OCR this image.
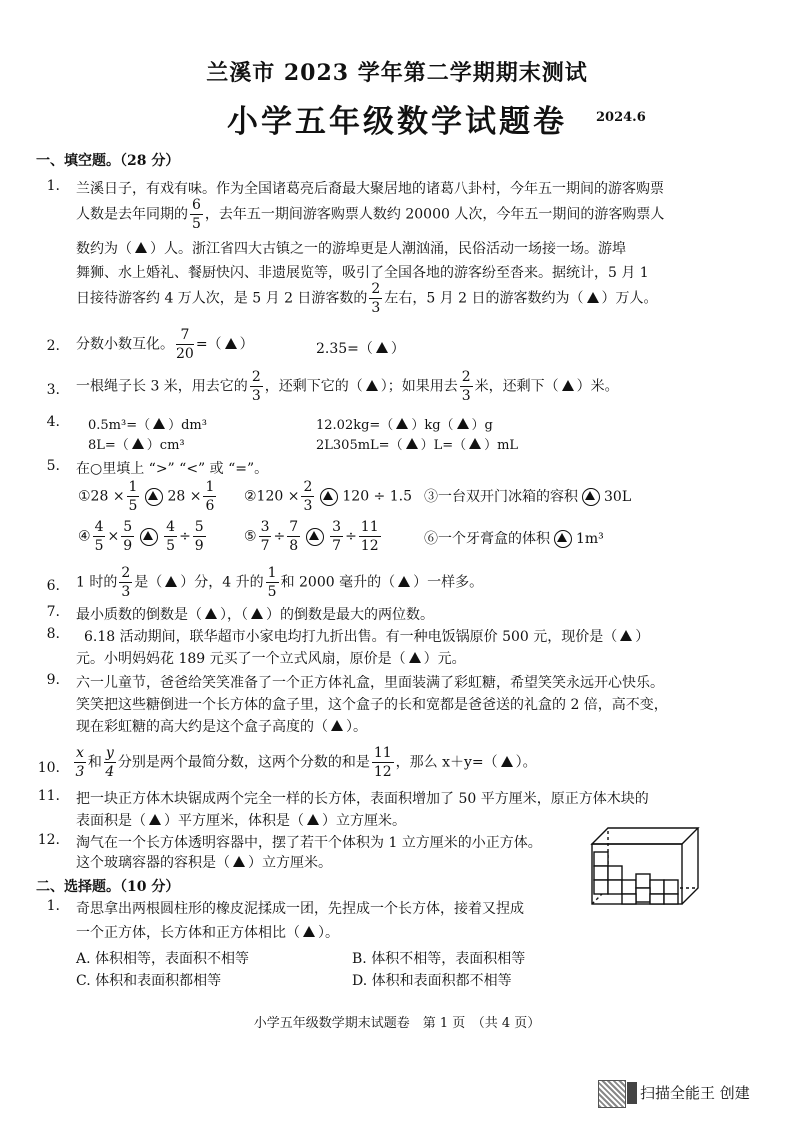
兰溪市 2023 学年第二学期期末测试
小学五年级数学试题卷	2024.6
一、填空题。（28 分）
1. 兰溪日子，有戏有味。作为全国诸葛亮后裔最大聚居地的诸葛八卦村，今年五一期间的游客购票
人数是去年同期的 $\frac{6}{5}$ ，去年五一期间游客购票人数约 20000 人次，今年五一期间的游客购票人
数约为（ ）人。浙江省四大古镇之一的游埠更是人潮汹涌，民俗活动一场接一场。游埠
舞狮、水上婚礼、餐厨快闪、非遗展览等，吸引了全国各地的游客纷至沓来。据统计，5 月 1
日接待游客约 4 万人次，是 5 月 2 日游客数的 $\frac{2}{3}$ 左右，5 月 2 日的游客数约为（ ）万人。
2. 分数小数互化。 $\frac{7}{20}$ =（ ）	2.35=（ ）
3. 一根绳子长 3 米，用去它的 $\frac{2}{3}$ ，还剩下它的（ ）；如果用去 $\frac{2}{3}$ 米，还剩下（ ）米。
4. 0.5m³=（ ）dm³	12.02kg=（ ）kg（ ）g
8L=（ ）cm³	2L305mL=（ ）L=（ ）mL
5. 在○里填上 “>” “<” 或 “=”。
①28 × $\frac{1}{5} 28 \times \frac{1}{6}$ ②120 × $\frac{2}{3} 120 \div 1.5$ ③一台双开门冰箱的容积 30L
④ $\frac{4}{5} \times \frac{5}{9} \frac{4}{5} \div \frac{5}{9}$	⑤ $\frac{3}{7} \div \frac{7}{8} \frac{3}{7} \div \frac{11}{12}$	⑥一个牙膏盒的体积 1m³
6. 1 时的 $\frac{2}{3}$ 是（ ）分，4 升的 $\frac{1}{5}$ 和 2000 毫升的（ ）一样多。
7. 最小质数的倒数是（ ），（ ）的倒数是最大的两位数。
8. 6.18 活动期间，联华超市小家电均打九折出售。有一种电饭锅原价 500 元，现价是（ ）
元。小明妈妈花 189 元买了一个立式风扇，原价是（ ）元。
9. 六一儿童节，爸爸给笑笑准备了一个正方体礼盒，里面装满了彩虹糖，希望笑笑永远开心快乐。
笑笑把这些糖倒进一个长方体的盒子里，这个盒子的长和宽都是爸爸送的礼盒的 2 倍，高不变，
现在彩虹糖的高大约是这个盒子高度的（ ）。
10. $\frac{x}{3}$ 和 $\frac{y}{4}$ 分别是两个最简分数，这两个分数的和是 $\frac{11}{12}$ ，那么 x＋y=（ ）。
11. 把一块正方体木块锯成两个完全一样的长方体，表面积增加了 50 平方厘米，原正方体木块的
表面积是（ ）平方厘米，体积是（ ）立方厘米。
12. 淘气在一个长方体透明容器中，摆了若干个体积为 1 立方厘米的小正方体。
这个玻璃容器的容积是（ ）立方厘米。
二、选择题。（10 分）
1. 奇思拿出两根圆柱形的橡皮泥揉成一团，先捏成一个长方体，接着又捏成
一个正方体，长方体和正方体相比（ ）。
A. 体积相等，表面积不相等	B. 体积不相等，表面积相等
C. 体积和表面积都相等	D. 体积和表面积都不相等
小学五年级数学期末试题卷　第 1 页　（共 4 页）
扫描全能王 创建
